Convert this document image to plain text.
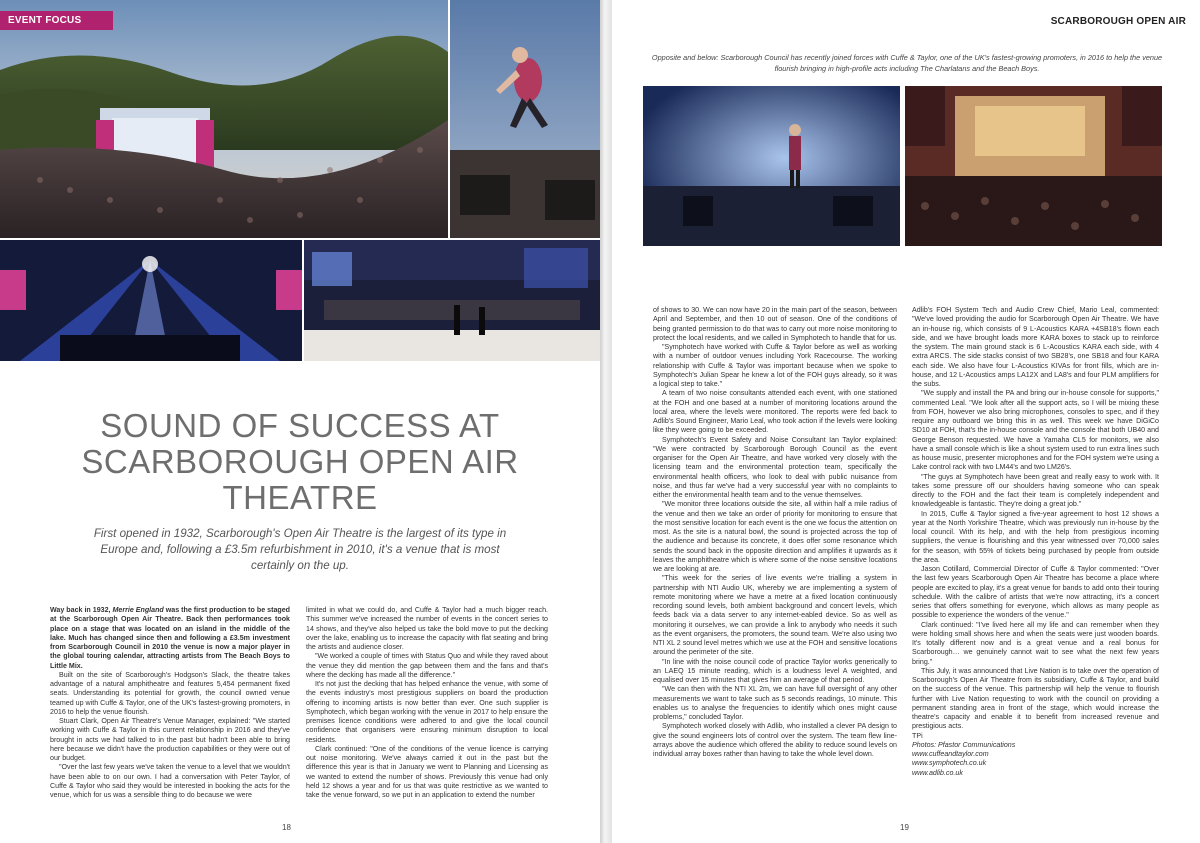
EVENT FOCUS
SOUND OF SUCCESS AT
SCARBOROUGH OPEN AIR THEATRE
First opened in 1932, Scarborough's Open Air Theatre is the largest of its type in Europe and, following a £3.5m refurbishment in 2010, it's a venue that is most certainly on the up.

Way back in 1932, Merrie England was the first production to be staged at the Scarborough Open Air Theatre. Back then performances took place on a stage that was located on an island in the middle of the lake. Much has changed since then and following a £3.5m investment from Scarborough Council in 2010 the venue is now a major player in the global touring calendar, attracting artists from The Beach Boys to Little Mix.

Built on the site of Scarborough's Hodgson's Slack, the theatre takes advantage of a natural amphitheatre and features 5,454 permanent fixed seats. Understanding its potential for growth, the council owned venue teamed up with Cuffe & Taylor, one of the UK's fastest-growing promoters, in 2016 to help the venue flourish.

Stuart Clark, Open Air Theatre's Venue Manager, explained: "We started working with Cuffe & Taylor in this current relationship in 2016 and they've brought in acts we had talked to in the past but hadn't been able to bring here because we didn't have the production capabilities or they were out of our budget.

"Over the last few years we've taken the venue to a level that we wouldn't have been able to on our own. I had a conversation with Peter Taylor, of Cuffe & Taylor who said they would be interested in booking the acts for the venue, which for us was a sensible thing to do because we were

limited in what we could do, and Cuffe & Taylor had a much bigger reach. This summer we've increased the number of events in the concert series to 14 shows, and they've also helped us take the bold move to put the decking over the lake, enabling us to increase the capacity with flat seating and bring the artists and audience closer.

"We worked a couple of times with Status Quo and while they raved about the venue they did mention the gap between them and the fans and that's where the decking has made all the difference."

It's not just the decking that has helped enhance the venue, with some of the events industry's most prestigious suppliers on board the production offering to incoming artists is now better than ever. One such supplier is Symphotech, which began working with the venue in 2017 to help ensure the premises licence conditions were adhered to and give the local council confidence that organisers were ensuring minimum disruption to local residents.

Clark continued: "One of the conditions of the venue licence is carrying out noise monitoring. We've always carried it out in the past but the difference this year is that in January we went to Planning and Licensing as we wanted to extend the number of shows. Previously this venue had only held 12 shows a year and for us that was quite restrictive as we wanted to take the venue forward, so we put in an application to extend the number

18
SCARBOROUGH OPEN AIR
Opposite and below: Scarborough Council has recently joined forces with Cuffe & Taylor, one of the UK's fastest-growing promoters, in 2016 to help the venue flourish bringing in high-profile acts including The Charlatans and the Beach Boys.

of shows to 30. We can now have 20 in the main part of the season, between April and September, and then 10 out of season. One of the conditions of being granted permission to do that was to carry out more noise monitoring to protect the local residents, and we called in Symphotech to handle that for us.

"Symphotech have worked with Cuffe & Taylor before as well as working with a number of outdoor venues including York Racecourse. The working relationship with Cuffe & Taylor was important because when we spoke to Symphotech's Julian Spear he knew a lot of the FOH guys already, so it was a logical step to take."

A team of two noise consultants attended each event, with one stationed at the FOH and one based at a number of monitoring locations around the local area, where the levels were monitored. The reports were fed back to Adlib's Sound Engineer, Mario Leal, who took action if the levels were looking like they were going to be exceeded.

Symphotech's Event Safety and Noise Consultant Ian Taylor explained: "We were contracted by Scarborough Borough Council as the event organiser for the Open Air Theatre, and have worked very closely with the licensing team and the environmental protection team, specifically the environmental health officers, who look to deal with public nuisance from noise, and thus far we've had a very successful year with no complaints to either the environmental health team and to the venue themselves.

"We monitor three locations outside the site, all within half a mile radius of the venue and then we take an order of priority for monitoring to ensure that the most sensitive location for each event is the one we focus the attention on most. As the site is a natural bowl, the sound is projected across the top of the audience and because its concrete, it does offer some resonance which sends the sound back in the opposite direction and amplifies it upwards as it leaves the amphitheatre which is where some of the noise sensitive locations we are looking at are.

"This week for the series of live events we're trialling a system in partnership with NTI Audio UK, whereby we are implementing a system of remote monitoring where we have a metre at a fixed location continuously recording sound levels, both ambient background and concert levels, which feeds back via a data server to any internet-eabled device. So as well as monitoring it ourselves, we can provide a link to anybody who needs it such as the event organisers, the promoters, the sound team. We're also using two NTI XL 2 sound level metres which we use at the FOH and sensitive locations around the perimeter of the site.

"In line with the noise council code of practice Taylor works generically to an LAEQ 15 minute reading, which is a loudness level A weighted, and equalised over 15 minutes that gives him an average of that period.

"We can then with the NTI XL 2m, we can have full oversight of any other measurements we want to take such as 5 seconds readings, 10 minute. This enables us to analyse the frequencies to identify which ones might cause problems," concluded Taylor.

Symphotech worked closely with Adlib, who installed a clever PA design to give the sound engineers lots of control over the system. The team flew line-arrays above the audience which offered the ability to reduce sound levels on individual array boxes rather than having to take the whole level down.

Adlib's FOH System Tech and Audio Crew Chief, Mario Leal, commented: "We've loved providing the audio for Scarborough Open Air Theatre. We have an in-house rig, which consists of 9 L-Acoustics KARA +4SB18's flown each side, and we have brought loads more KARA boxes to stack up to reinforce the system. The main ground stack is 6 L-Acoustics KARA each side, with 4 extra ARCS. The side stacks consist of two SB28's, one SB18 and four KARA each side. We also have four L-Acoustics KIVAs for front fills, which are in-house, and 12 L-Acoustics amps LA12X and LA8's and four PLM amplifiers for the subs.

"We supply and install the PA and bring our in-house console for supports," commented Leal. "We look after all the support acts, so I will be mixing these from FOH, however we also bring microphones, consoles to spec, and if they require any outboard we bring this in as well. This week we have DiGiCo SD10 at FOH, that's the in-house console and the console that both UB40 and George Benson requested. We have a Yamaha CL5 for monitors, we also have a small console which is like a shout system used to run extra lines such as house music, presenter microphones and for the FOH system we're using a Lake control rack with two LM44's and two LM26's.

"The guys at Symphotech have been great and really easy to work with. It takes some pressure off our shoulders having someone who can speak directly to the FOH and the fact their team is completely independent and knowledgeable is fantastic. They're doing a great job."

In 2015, Cuffe & Taylor signed a five-year agreement to host 12 shows a year at the North Yorkshire Theatre, which was previously run in-house by the local council. With its help, and with the help from prestigious incoming suppliers, the venue is flourishing and this year witnessed over 70,000 sales for the season, with 55% of tickets being purchased by people from outside the area.

Jason Cotillard, Commercial Director of Cuffe & Taylor commented: "Over the last few years Scarborough Open Air Theatre has become a place where people are excited to play, it's a great venue for bands to add onto their touring schedule. With the calibre of artists that we're now attracting, it's a concert series that offers something for everyone, which allows as many people as possible to experience the wonders of the venue."

Clark continued: "I've lived here all my life and can remember when they were holding small shows here and when the seats were just wooden boards. It's totally different now and is a great venue and a real bonus for Scarborough… we genuinely cannot wait to see what the next few years bring."

This July, it was announced that Live Nation is to take over the operation of Scarborough's Open Air Theatre from its subsidiary, Cuffe & Taylor, and build on the success of the venue. This partnership will help the venue to flourish further with Live Nation requesting to work with the council on providing a permanent standing area in front of the stage, which would increase the theatre's capacity and enable it to benefit from increased revenue and prestigious acts.

TPi

Photos: Pfastor Communications

www.cuffeandtaylor.com

www.symphotech.co.uk

www.adlib.co.uk

19
